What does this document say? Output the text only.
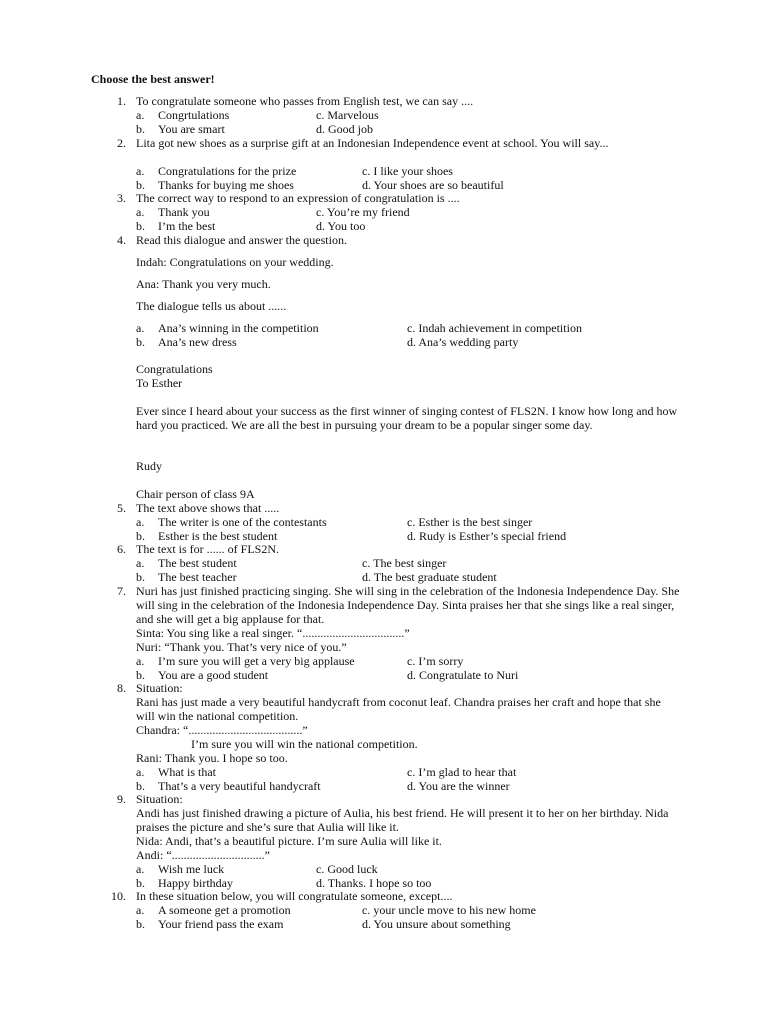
Choose the best answer!
1. To congratulate someone who passes from English test, we can say ....
a. Congrtulations
b. You are smart
c. Marvelous
d. Good job
2. Lita got new shoes as a surprise gift at an Indonesian Independence event at school. You will say...
a. Congratulations for the prize
b. Thanks for buying me shoes
c. I like your shoes
d. Your shoes are so beautiful
3. The correct way to respond to an expression of congratulation is ....
a. Thank you
b. I’m the best
c. You’re my friend
d. You too
4. Read this dialogue and answer the question.
Indah: Congratulations on your wedding.
Ana: Thank you very much.
The dialogue tells us about ......
a. Ana’s winning in the competition
b. Ana’s new dress
c. Indah achievement in competition
d. Ana’s wedding party
Congratulations
To Esther
Ever since I heard about your success as the first winner of singing contest of FLS2N. I know how long and how hard you practiced. We are all the best in pursuing your dream to be a popular singer some day.
Rudy
Chair person of class 9A
5. The text above shows that .....
a. The writer is one of the contestants
b. Esther is the best student
c. Esther is the best singer
d. Rudy is Esther’s special friend
6. The text is for ...... of FLS2N.
a. The best student
b. The best teacher
c. The best singer
d. The best graduate student
7. Nuri has just finished practicing singing. She will sing in the celebration of the Indonesia Independence Day. She will sing in the celebration of the Indonesia Independence Day. Sinta praises her that she sings like a real singer, and she will get a big applause for that.
Sinta: You sing like a real singer. “..................................”
Nuri: “Thank you. That’s very nice of you.”
a. I’m sure you will get a very big applause
b. You are a good student
c. I’m sorry
d. Congratulate to Nuri
8. Situation:
Rani has just made a very beautiful handycraft from coconut leaf. Chandra praises her craft and hope that she will win the national competition.
Chandra: “......................................”
I’m sure you will win the national competition.
Rani: Thank you. I hope so too.
a. What is that
b. That’s a very beautiful handycraft
c. I’m glad to hear that
d. You are the winner
9. Situation:
Andi has just finished drawing a picture of Aulia, his best friend. He will present it to her on her birthday. Nida praises the picture and she’s sure that Aulia will like it.
Nida: Andi, that’s a beautiful picture. I’m sure Aulia will like it.
Andi: “...............................”
a. Wish me luck
b. Happy birthday
c. Good luck
d. Thanks. I hope so too
10. In these situation below, you will congratulate someone, except....
a. A someone get a promotion
b. Your friend pass the exam
c. your uncle move to his new home
d. You unsure about something
